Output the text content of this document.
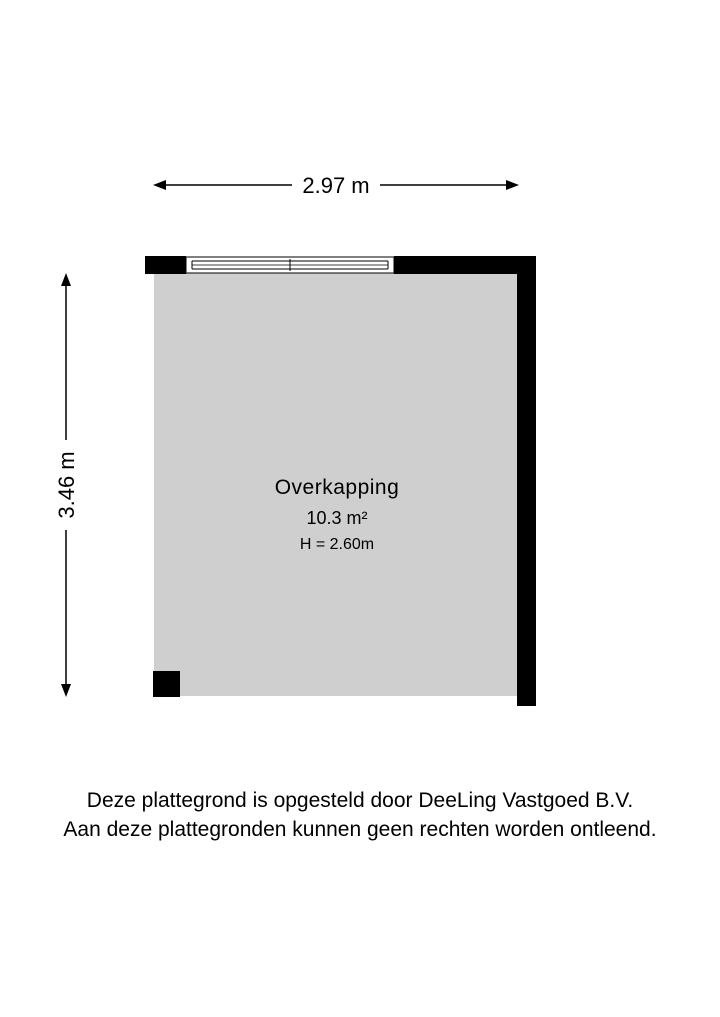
2.97 m
3.46 m	Overkapping
10.3 m²
H = 2.60m
Deze plattegrond is opgesteld door DeeLing Vastgoed B.V.
Aan deze plattegronden kunnen geen rechten worden ontleend.
